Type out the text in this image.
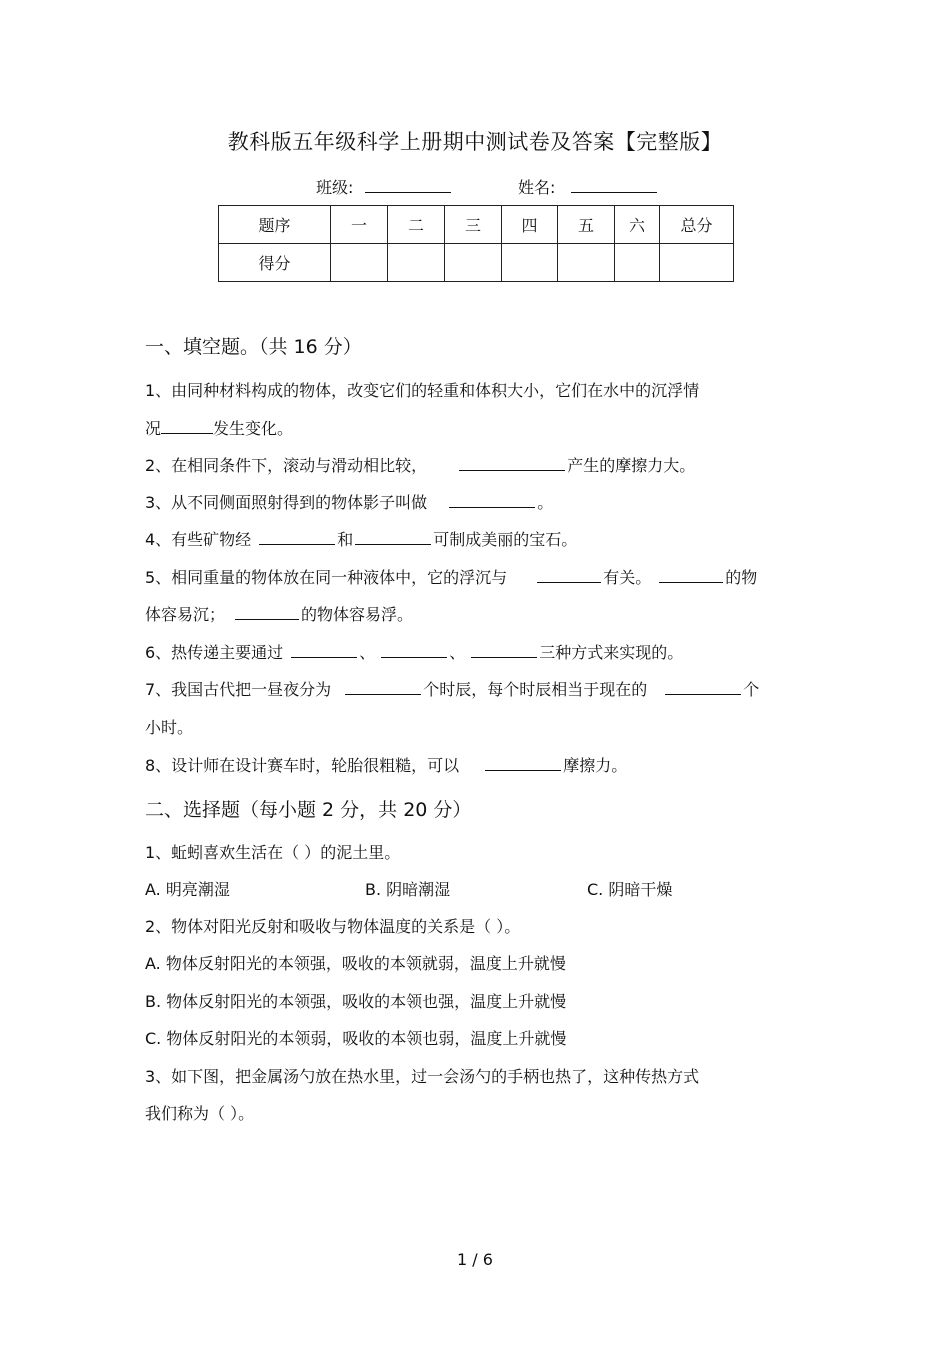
教科版五年级科学上册期中测试卷及答案【完整版】
班级:	姓名:
题序	一	二	三	四	五	六	总分
得分							
一、填空题。（共 16 分）
1、由同种材料构成的物体，改变它们的轻重和体积大小，它们在水中的沉浮情
况	发生变化。
2、在相同条件下，滚动与滑动相比较，	产生的摩擦力大。
3、从不同侧面照射得到的物体影子叫做	。
4、有些矿物经	和	可制成美丽的宝石。
5、相同重量的物体放在同一种液体中，它的浮沉与	有关。	的物
体容易沉；	的物体容易浮。
6、热传递主要通过	、	、	三种方式来实现的。
7、我国古代把一昼夜分为	个时辰，每个时辰相当于现在的	个
小时。
8、设计师在设计赛车时，轮胎很粗糙，可以	摩擦力。
二、选择题（每小题 2 分，共 20 分）
1、蚯蚓喜欢生活在（ ）的泥土里。
A. 明亮潮湿	B. 阴暗潮湿	C. 阴暗干燥
2、物体对阳光反射和吸收与物体温度的关系是（ ）。
A. 物体反射阳光的本领强，吸收的本领就弱，温度上升就慢
B. 物体反射阳光的本领强，吸收的本领也强，温度上升就慢
C. 物体反射阳光的本领弱，吸收的本领也弱，温度上升就慢
3、如下图，把金属汤勺放在热水里，过一会汤勺的手柄也热了，这种传热方式
我们称为（ ）。
1 / 6
